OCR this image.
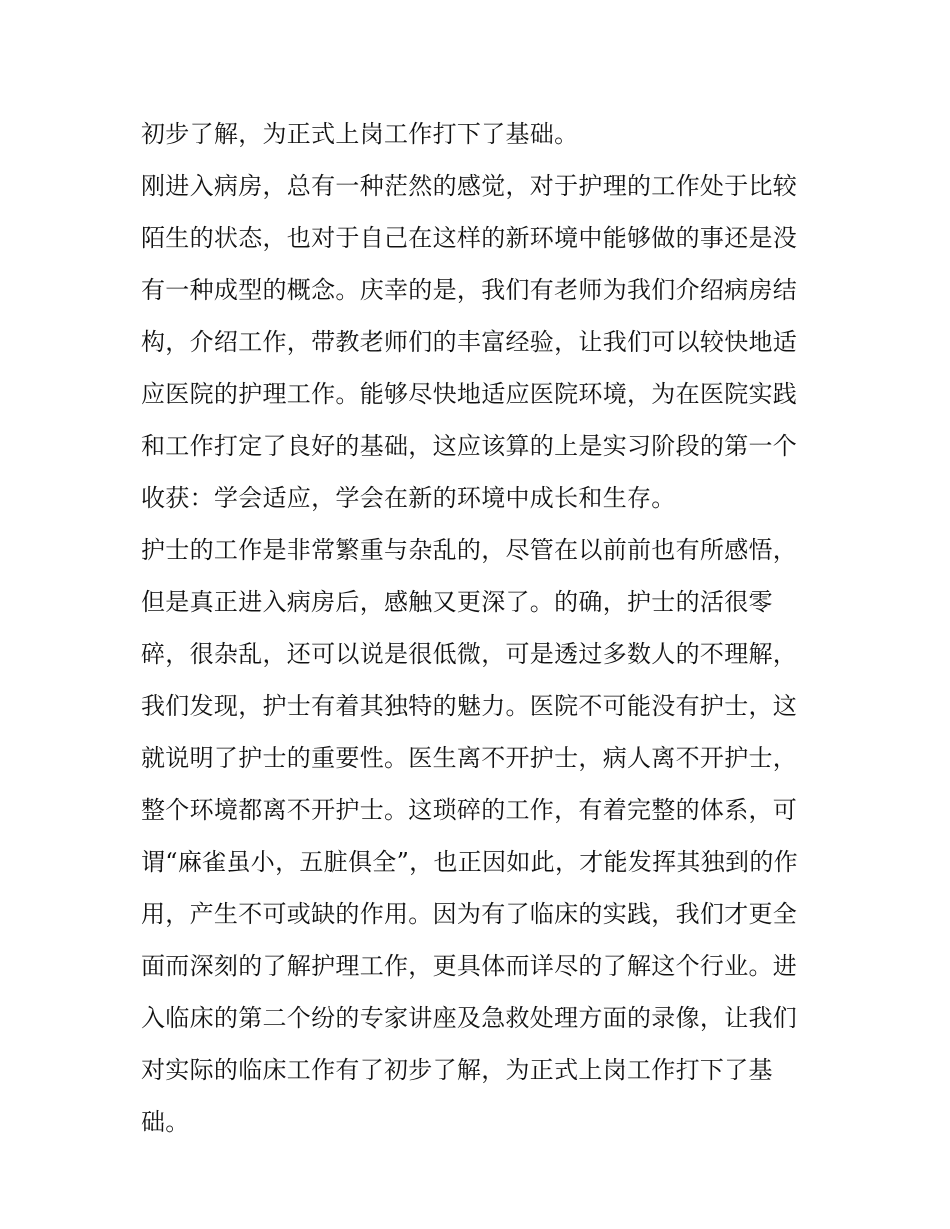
初步了解，为正式上岗工作打下了基础。
刚进入病房，总有一种茫然的感觉，对于护理的工作处于比较
陌生的状态，也对于自己在这样的新环境中能够做的事还是没
有一种成型的概念。庆幸的是，我们有老师为我们介绍病房结
构，介绍工作，带教老师们的丰富经验，让我们可以较快地适
应医院的护理工作。能够尽快地适应医院环境，为在医院实践
和工作打定了良好的基础，这应该算的上是实习阶段的第一个
收获：学会适应，学会在新的环境中成长和生存。
护士的工作是非常繁重与杂乱的，尽管在以前前也有所感悟，
但是真正进入病房后，感触又更深了。的确，护士的活很零
碎，很杂乱，还可以说是很低微，可是透过多数人的不理解，
我们发现，护士有着其独特的魅力。医院不可能没有护士，这
就说明了护士的重要性。医生离不开护士，病人离不开护士，
整个环境都离不开护士。这琐碎的工作，有着完整的体系，可
谓“麻雀虽小，五脏俱全”，也正因如此，才能发挥其独到的作
用，产生不可或缺的作用。因为有了临床的实践，我们才更全
面而深刻的了解护理工作，更具体而详尽的了解这个行业。进
入临床的第二个纷的专家讲座及急救处理方面的录像，让我们
对实际的临床工作有了初步了解，为正式上岗工作打下了基
础。
